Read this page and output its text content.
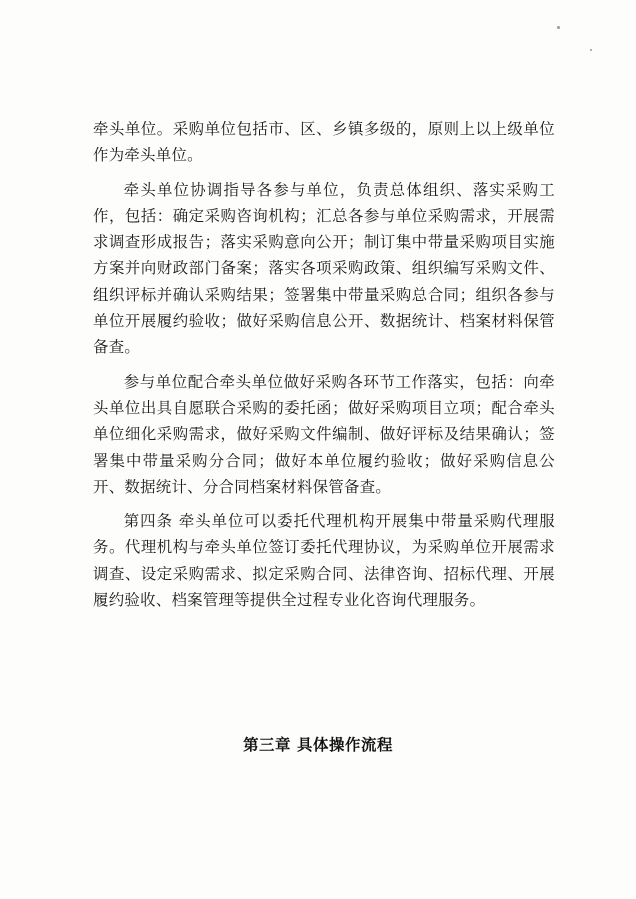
牵头单位。采购单位包括市、区、乡镇多级的，原则上以上级单位作为牵头单位。

牵头单位协调指导各参与单位，负责总体组织、落实采购工作，包括：确定采购咨询机构；汇总各参与单位采购需求，开展需求调查形成报告；落实采购意向公开；制订集中带量采购项目实施方案并向财政部门备案；落实各项采购政策、组织编写采购文件、组织评标并确认采购结果；签署集中带量采购总合同；组织各参与单位开展履约验收；做好采购信息公开、数据统计、档案材料保管备查。

参与单位配合牵头单位做好采购各环节工作落实，包括：向牵头单位出具自愿联合采购的委托函；做好采购项目立项；配合牵头单位细化采购需求，做好采购文件编制、做好评标及结果确认；签署集中带量采购分合同；做好本单位履约验收；做好采购信息公开、数据统计、分合同档案材料保管备查。

第四条 牵头单位可以委托代理机构开展集中带量采购代理服务。代理机构与牵头单位签订委托代理协议，为采购单位开展需求调查、设定采购需求、拟定采购合同、法律咨询、招标代理、开展履约验收、档案管理等提供全过程专业化咨询代理服务。

第三章 具体操作流程
